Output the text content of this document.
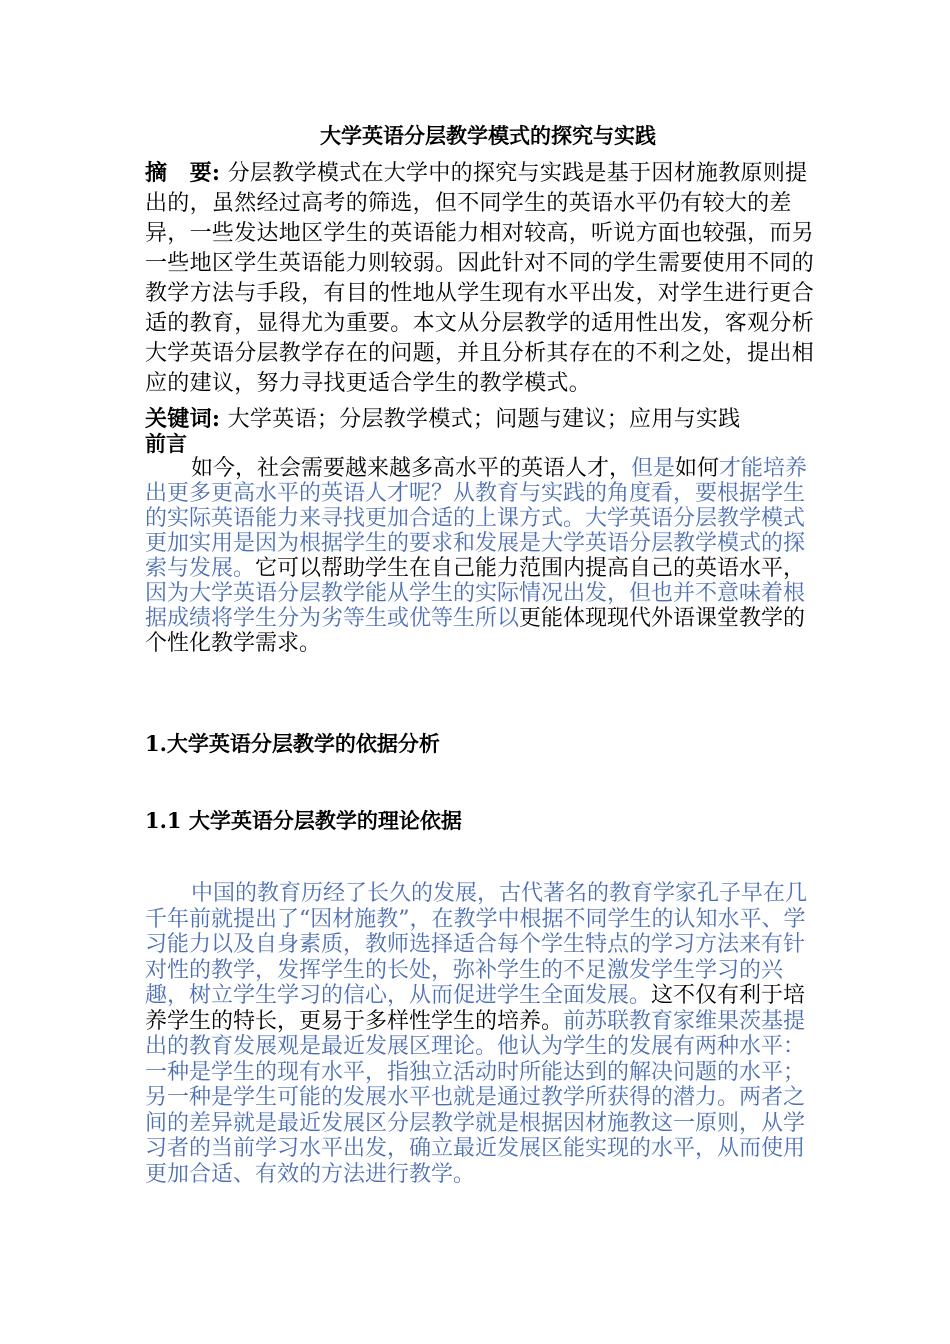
大学英语分层教学模式的探究与实践
摘　要: 分层教学模式在大学中的探究与实践是基于因材施教原则提出的，虽然经过高考的筛选，但不同学生的英语水平仍有较大的差异，一些发达地区学生的英语能力相对较高，听说方面也较强，而另一些地区学生英语能力则较弱。因此针对不同的学生需要使用不同的教学方法与手段，有目的性地从学生现有水平出发，对学生进行更合适的教育，显得尤为重要。本文从分层教学的适用性出发，客观分析大学英语分层教学存在的问题，并且分析其存在的不利之处，提出相应的建议，努力寻找更适合学生的教学模式。
关键词: 大学英语；分层教学模式；问题与建议；应用与实践
前言
如今，社会需要越来越多高水平的英语人才，但是如何才能培养出更多更高水平的英语人才呢？从教育与实践的角度看，要根据学生的实际英语能力来寻找更加合适的上课方式。大学英语分层教学模式更加实用是因为根据学生的要求和发展是大学英语分层教学模式的探索与发展。它可以帮助学生在自己能力范围内提高自己的英语水平，因为大学英语分层教学能从学生的实际情况出发，但也并不意味着根据成绩将学生分为劣等生或优等生所以更能体现现代外语课堂教学的个性化教学需求。
1.大学英语分层教学的依据分析
1.1 大学英语分层教学的理论依据
中国的教育历经了长久的发展，古代著名的教育学家孔子早在几千年前就提出了“因材施教”，在教学中根据不同学生的认知水平、学习能力以及自身素质，教师选择适合每个学生特点的学习方法来有针对性的教学，发挥学生的长处，弥补学生的不足激发学生学习的兴趣，树立学生学习的信心，从而促进学生全面发展。这不仅有利于培养学生的特长，更易于多样性学生的培养。前苏联教育家维果茨基提出的教育发展观是最近发展区理论。他认为学生的发展有两种水平：一种是学生的现有水平，指独立活动时所能达到的解决问题的水平；另一种是学生可能的发展水平也就是通过教学所获得的潜力。两者之间的差异就是最近发展区分层教学就是根据因材施教这一原则，从学习者的当前学习水平出发，确立最近发展区能实现的水平，从而使用更加合适、有效的方法进行教学。
